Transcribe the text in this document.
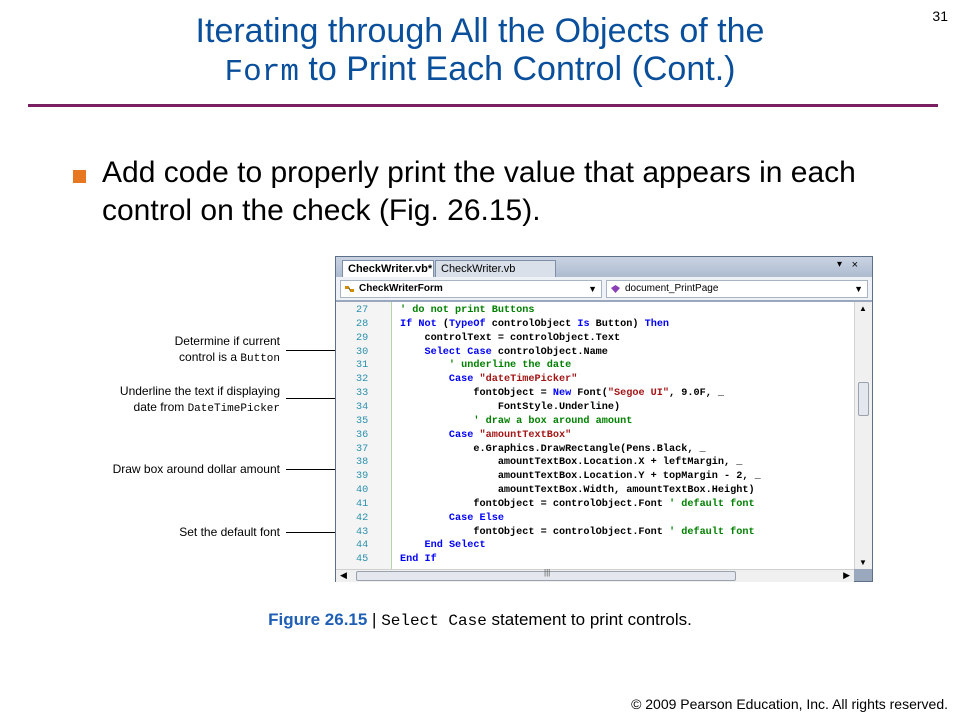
31
Iterating through All the Objects of the
Form to Print Each Control (Cont.)
Add code to properly print the value that appears in each control on the check (Fig. 26.15).
Determine if current
control is a Button
Underline the text if displaying
date from DateTimePicker
Draw box around dollar amount
Set the default font
CheckWriter.vb* CheckWriter.vb	▾ ×
CheckWriterForm	▼	document_PrintPage	▼
27	' do not print Buttons
28	If Not (TypeOf controlObject Is Button) Then
29	controlText = controlObject.Text
30	Select Case controlObject.Name
31	' underline the date
32	Case "dateTimePicker"
33	fontObject = New Font("Segoe UI", 9.0F, _
34	FontStyle.Underline)
35	' draw a box around amount
36	Case "amountTextBox"
37	e.Graphics.DrawRectangle(Pens.Black, _
38	amountTextBox.Location.X + leftMargin, _
39	amountTextBox.Location.Y + topMargin - 2, _
40	amountTextBox.Width, amountTextBox.Height)
41	fontObject = controlObject.Font ' default font
42	Case Else
43	fontObject = controlObject.Font ' default font
44	End Select
45	End If
▲
▼
◀	|||	▶
Figure 26.15 | Select Case statement to print controls.
© 2009 Pearson Education, Inc. All rights reserved.
